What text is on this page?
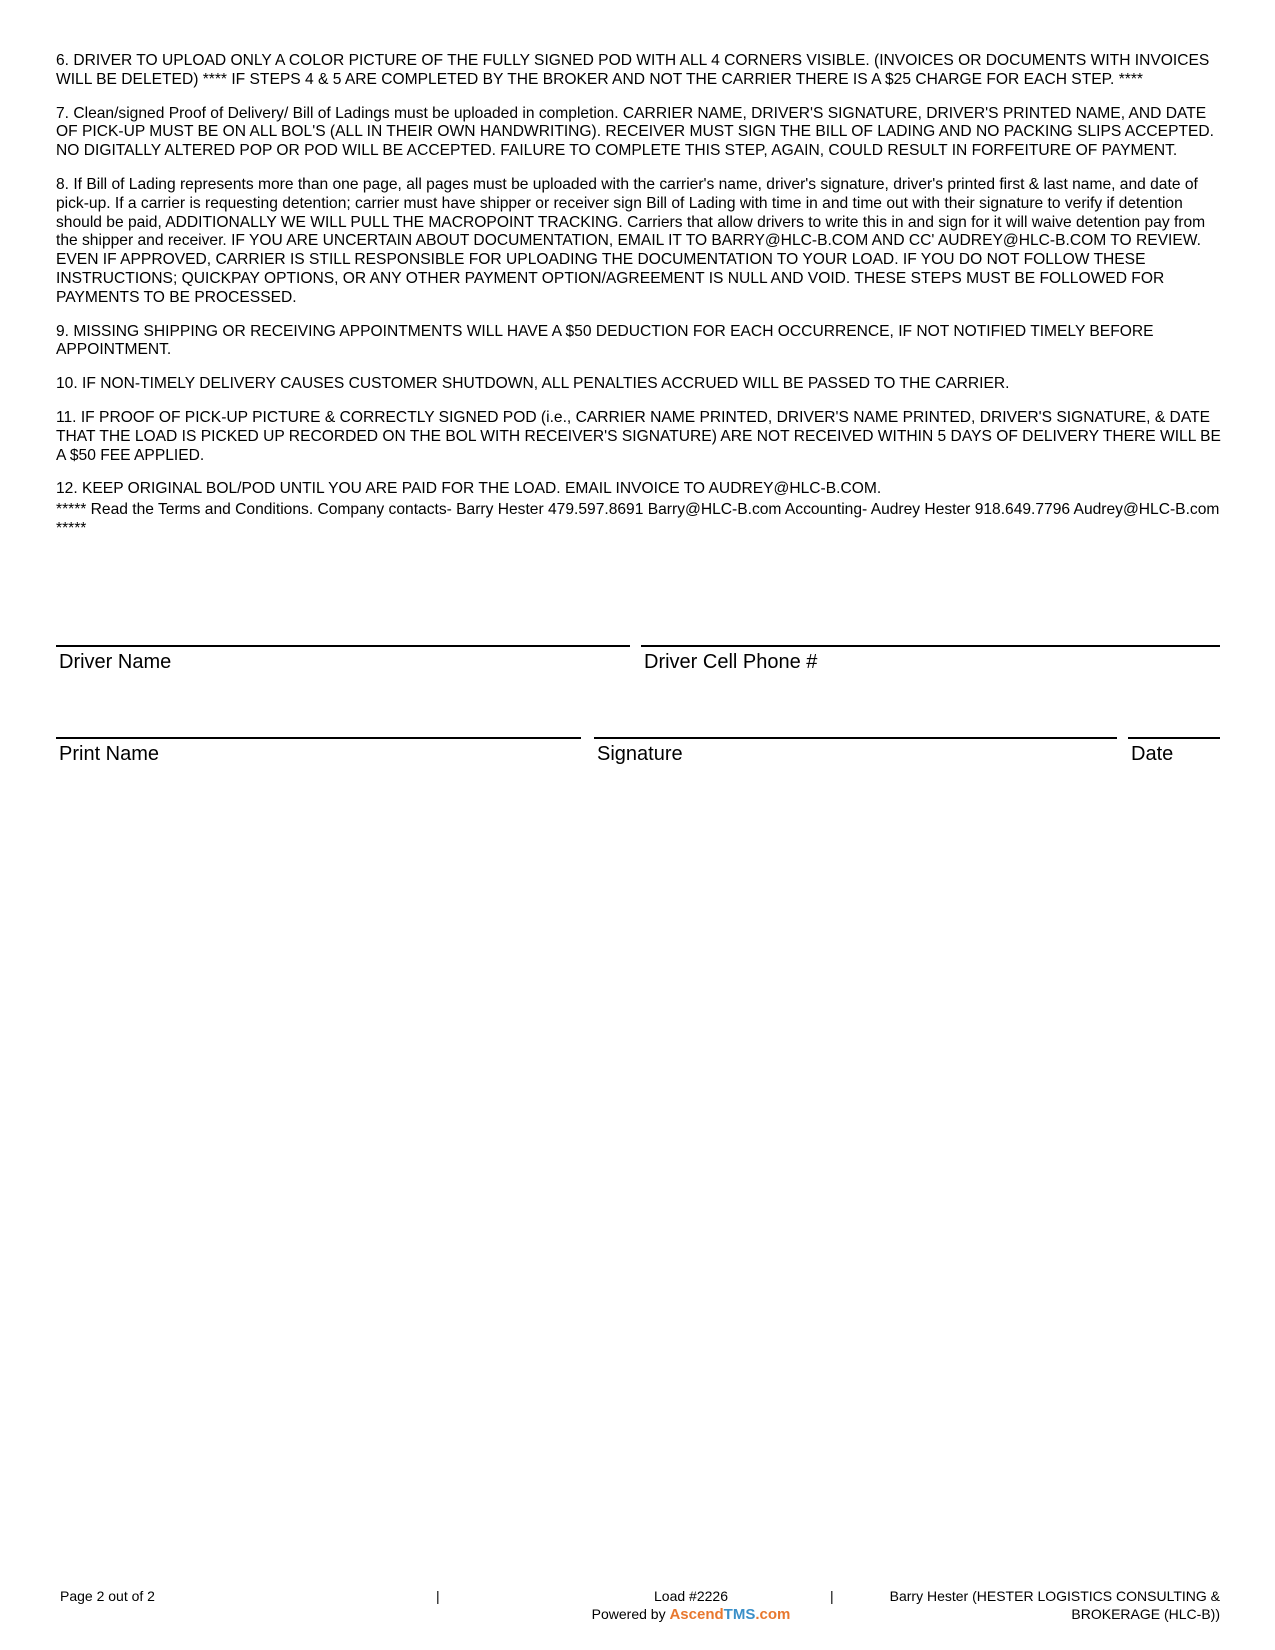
6. DRIVER TO UPLOAD ONLY A COLOR PICTURE OF THE FULLY SIGNED POD WITH ALL 4 CORNERS VISIBLE. (INVOICES OR DOCUMENTS WITH INVOICES WILL BE DELETED) **** IF STEPS 4 & 5 ARE COMPLETED BY THE BROKER AND NOT THE CARRIER THERE IS A $25 CHARGE FOR EACH STEP. ****

7. Clean/signed Proof of Delivery/ Bill of Ladings must be uploaded in completion. CARRIER NAME, DRIVER'S SIGNATURE, DRIVER'S PRINTED NAME, AND DATE OF PICK-UP MUST BE ON ALL BOL'S (ALL IN THEIR OWN HANDWRITING). RECEIVER MUST SIGN THE BILL OF LADING AND NO PACKING SLIPS ACCEPTED. NO DIGITALLY ALTERED POP OR POD WILL BE ACCEPTED. FAILURE TO COMPLETE THIS STEP, AGAIN, COULD RESULT IN FORFEITURE OF PAYMENT.

8. If Bill of Lading represents more than one page, all pages must be uploaded with the carrier's name, driver's signature, driver's printed first & last name, and date of pick-up. If a carrier is requesting detention; carrier must have shipper or receiver sign Bill of Lading with time in and time out with their signature to verify if detention should be paid, ADDITIONALLY WE WILL PULL THE MACROPOINT TRACKING. Carriers that allow drivers to write this in and sign for it will waive detention pay from the shipper and receiver. IF YOU ARE UNCERTAIN ABOUT DOCUMENTATION, EMAIL IT TO BARRY@HLC-B.COM AND CC' AUDREY@HLC-B.COM TO REVIEW. EVEN IF APPROVED, CARRIER IS STILL RESPONSIBLE FOR UPLOADING THE DOCUMENTATION TO YOUR LOAD. IF YOU DO NOT FOLLOW THESE INSTRUCTIONS; QUICKPAY OPTIONS, OR ANY OTHER PAYMENT OPTION/AGREEMENT IS NULL AND VOID. THESE STEPS MUST BE FOLLOWED FOR PAYMENTS TO BE PROCESSED.

9. MISSING SHIPPING OR RECEIVING APPOINTMENTS WILL HAVE A $50 DEDUCTION FOR EACH OCCURRENCE, IF NOT NOTIFIED TIMELY BEFORE APPOINTMENT.

10. IF NON-TIMELY DELIVERY CAUSES CUSTOMER SHUTDOWN, ALL PENALTIES ACCRUED WILL BE PASSED TO THE CARRIER.

11. IF PROOF OF PICK-UP PICTURE & CORRECTLY SIGNED POD (i.e., CARRIER NAME PRINTED, DRIVER'S NAME PRINTED, DRIVER'S SIGNATURE, & DATE THAT THE LOAD IS PICKED UP RECORDED ON THE BOL WITH RECEIVER'S SIGNATURE) ARE NOT RECEIVED WITHIN 5 DAYS OF DELIVERY THERE WILL BE A $50 FEE APPLIED.

12. KEEP ORIGINAL BOL/POD UNTIL YOU ARE PAID FOR THE LOAD. EMAIL INVOICE TO AUDREY@HLC-B.COM.

***** Read the Terms and Conditions. Company contacts- Barry Hester 479.597.8691 Barry@HLC-B.com Accounting- Audrey Hester 918.649.7796 Audrey@HLC-B.com *****

Driver Name	Driver Cell Phone #
Print Name	Signature	Date
Page 2 out of 2	|	Load #2226
Powered by AscendTMS.com
|	Barry Hester (HESTER LOGISTICS CONSULTING &
BROKERAGE (HLC-B))
